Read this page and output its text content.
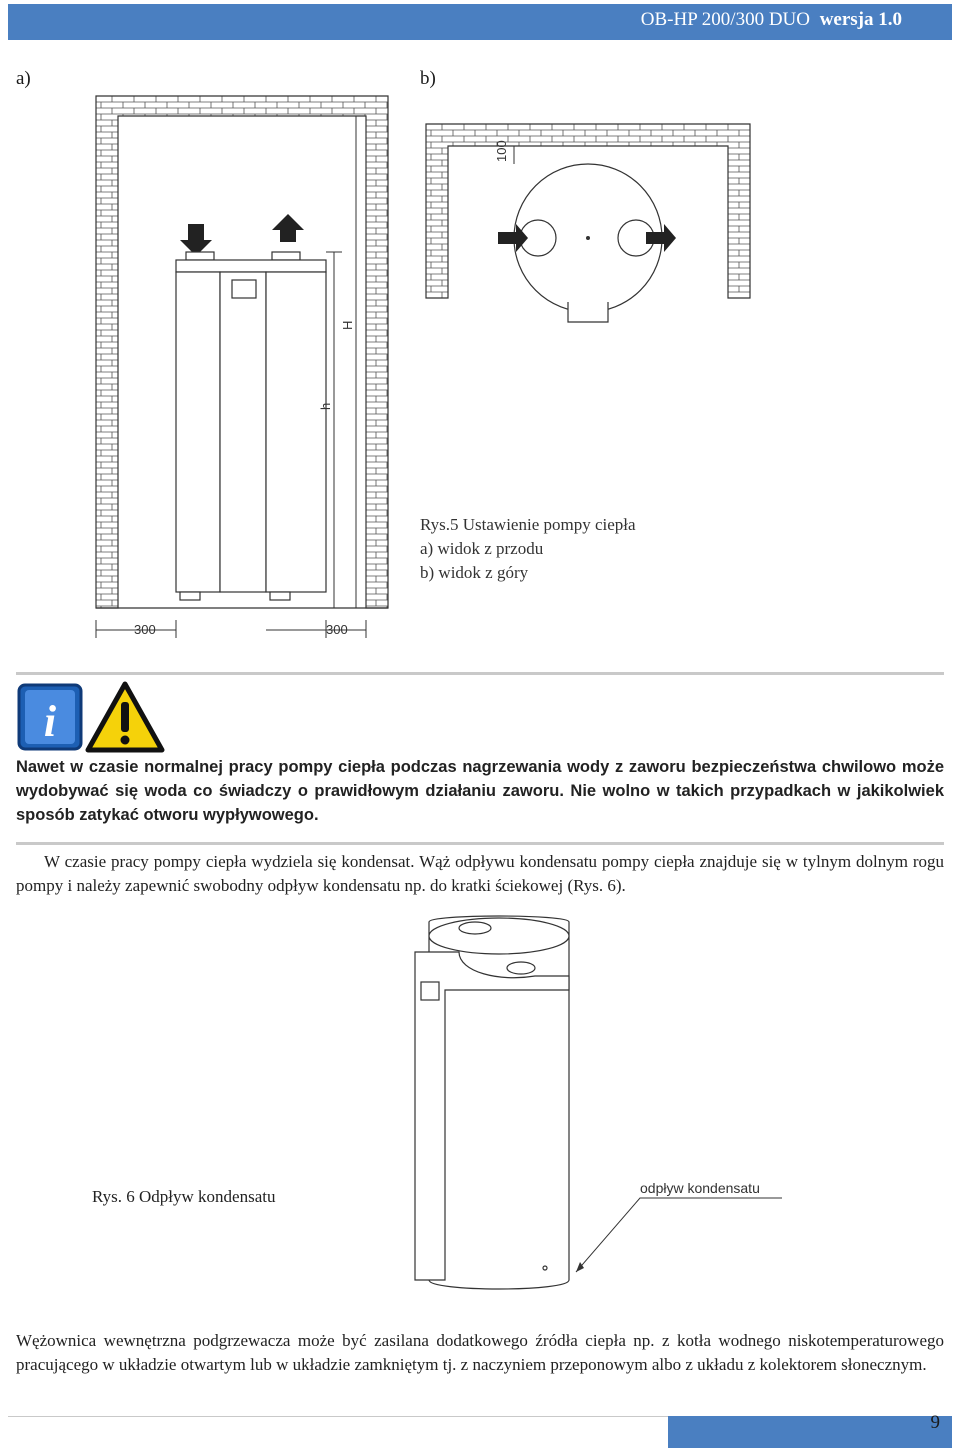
OB-HP 200/300 DUO wersja 1.0
a)	b)
H
h
300	300
100
Rys.5 Ustawienie pompy ciepła
a) widok z przodu
b) widok z góry
i
Nawet w czasie normalnej pracy pompy ciepła podczas nagrzewania wody z zaworu bezpieczeństwa chwilowo może wydobywać się woda co świadczy o prawidłowym działaniu zaworu. Nie wolno w takich przypadkach w jakikolwiek sposób zatykać otworu wypływowego.
W czasie pracy pompy ciepła wydziela się kondensat. Wąż odpływu kondensatu pompy ciepła znajduje się w tylnym dolnym rogu pompy i należy zapewnić swobodny odpływ kondensatu np. do kratki ściekowej (Rys. 6).
Rys. 6 Odpływ kondensatu	odpływ kondensatu
Wężownica wewnętrzna podgrzewacza może być zasilana dodatkowego źródła ciepła np. z kotła wodnego niskotemperaturowego pracującego w układzie otwartym lub w układzie zamkniętym tj. z naczyniem przeponowym albo z układu z kolektorem słonecznym.
9
